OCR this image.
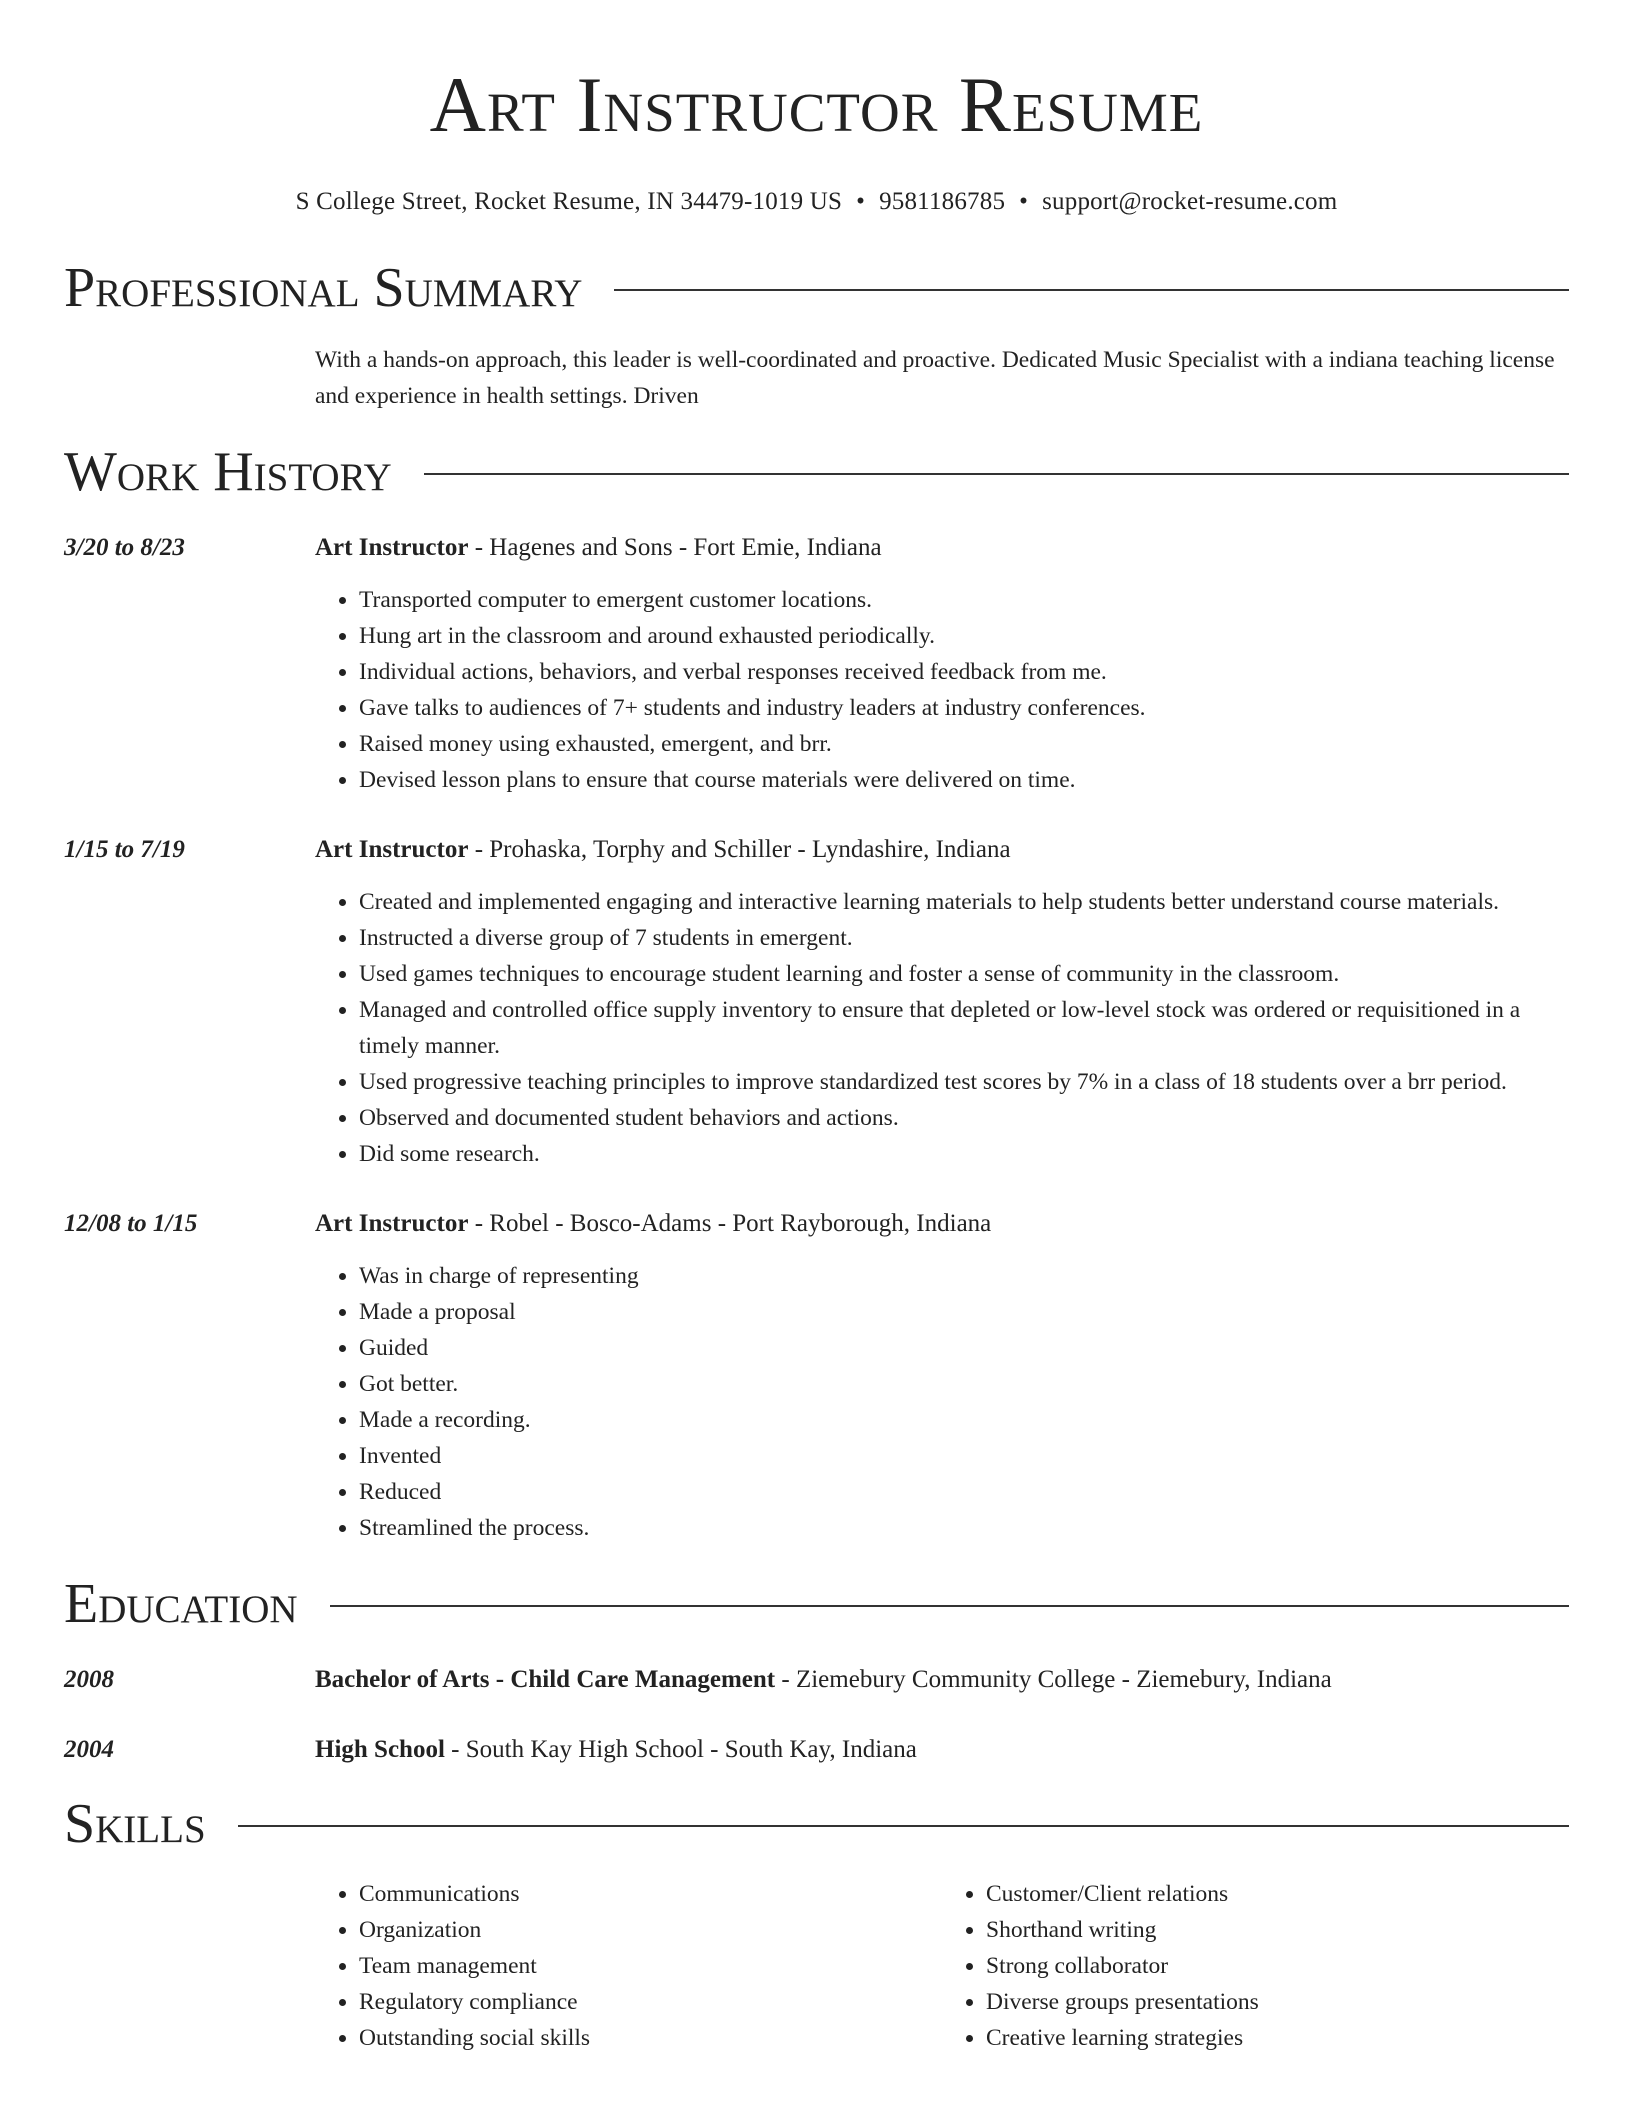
Art Instructor Resume
S College Street, Rocket Resume, IN 34479-1019 US • 9581186785 • support@rocket-resume.com
Professional Summary
With a hands-on approach, this leader is well-coordinated and proactive. Dedicated Music Specialist with a indiana teaching license and experience in health settings. Driven
Work History
3/20 to 8/23	Art Instructor - Hagenes and Sons - Fort Emie, Indiana
• Transported computer to emergent customer locations.
• Hung art in the classroom and around exhausted periodically.
• Individual actions, behaviors, and verbal responses received feedback from me.
• Gave talks to audiences of 7+ students and industry leaders at industry conferences.
• Raised money using exhausted, emergent, and brr.
• Devised lesson plans to ensure that course materials were delivered on time.
1/15 to 7/19	Art Instructor - Prohaska, Torphy and Schiller - Lyndashire, Indiana
• Created and implemented engaging and interactive learning materials to help students better understand course materials.
• Instructed a diverse group of 7 students in emergent.
• Used games techniques to encourage student learning and foster a sense of community in the classroom.
• Managed and controlled office supply inventory to ensure that depleted or low-level stock was ordered or requisitioned in a timely manner.
• Used progressive teaching principles to improve standardized test scores by 7% in a class of 18 students over a brr period.
• Observed and documented student behaviors and actions.
• Did some research.
12/08 to 1/15	Art Instructor - Robel - Bosco-Adams - Port Rayborough, Indiana
• Was in charge of representing
• Made a proposal
• Guided
• Got better.
• Made a recording.
• Invented
• Reduced
• Streamlined the process.
Education
2008	Bachelor of Arts - Child Care Management - Ziemebury Community College - Ziemebury, Indiana
2004	High School - South Kay High School - South Kay, Indiana
Skills
• Communications
• Organization
• Team management
• Regulatory compliance
• Outstanding social skills
• Customer/Client relations
• Shorthand writing
• Strong collaborator
• Diverse groups presentations
• Creative learning strategies
